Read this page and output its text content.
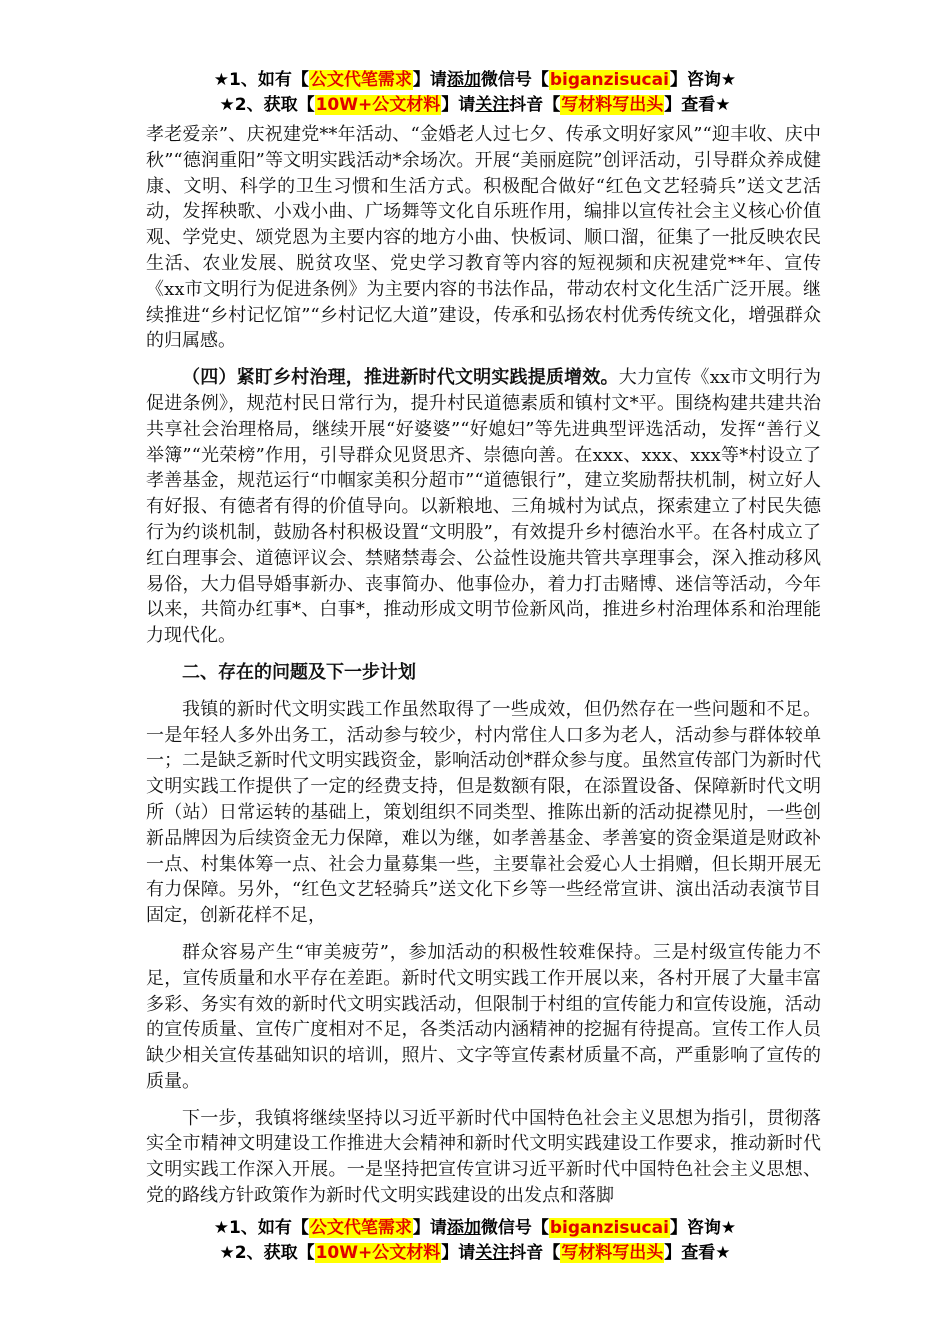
★1、如有【公文代笔需求】请添加微信号【biganzisucai】咨询★
★2、获取【10W+公文材料】请关注抖音【写材料写出头】查看★

孝老爱亲”、庆祝建党**年活动、“金婚老人过七夕、传承文明好家风”“迎丰收、庆中秋”“德润重阳”等文明实践活动*余场次。开展“美丽庭院”创评活动，引导群众养成健康、文明、科学的卫生习惯和生活方式。积极配合做好“红色文艺轻骑兵”送文艺活动，发挥秧歌、小戏小曲、广场舞等文化自乐班作用，编排以宣传社会主义核心价值观、学党史、颂党恩为主要内容的地方小曲、快板词、顺口溜，征集了一批反映农民生活、农业发展、脱贫攻坚、党史学习教育等内容的短视频和庆祝建党**年、宣传《xx市文明行为促进条例》为主要内容的书法作品，带动农村文化生活广泛开展。继续推进“乡村记忆馆”“乡村记忆大道”建设，传承和弘扬农村优秀传统文化，增强群众的归属感。

（四）紧盯乡村治理，推进新时代文明实践提质增效。大力宣传《xx市文明行为促进条例》，规范村民日常行为，提升村民道德素质和镇村文*平。围绕构建共建共治共享社会治理格局，继续开展“好婆婆”“好媳妇”等先进典型评选活动，发挥“善行义举簿”“光荣榜”作用，引导群众见贤思齐、崇德向善。在xxx、xxx、xxx等*村设立了孝善基金，规范运行“巾帼家美积分超市”“道德银行”，建立奖励帮扶机制，树立好人有好报、有德者有得的价值导向。以新粮地、三角城村为试点，探索建立了村民失德行为约谈机制，鼓励各村积极设置“文明股”，有效提升乡村德治水平。在各村成立了红白理事会、道德评议会、禁赌禁毒会、公益性设施共管共享理事会，深入推动移风易俗，大力倡导婚事新办、丧事简办、他事俭办，着力打击赌博、迷信等活动，今年以来，共简办红事*、白事*，推动形成文明节俭新风尚，推进乡村治理体系和治理能力现代化。

二、存在的问题及下一步计划

我镇的新时代文明实践工作虽然取得了一些成效，但仍然存在一些问题和不足。一是年轻人多外出务工，活动参与较少，村内常住人口多为老人，活动参与群体较单一；二是缺乏新时代文明实践资金，影响活动创*群众参与度。虽然宣传部门为新时代文明实践工作提供了一定的经费支持，但是数额有限，在添置设备、保障新时代文明所（站）日常运转的基础上，策划组织不同类型、推陈出新的活动捉襟见肘，一些创新品牌因为后续资金无力保障，难以为继，如孝善基金、孝善宴的资金渠道是财政补一点、村集体筹一点、社会力量募集一些，主要靠社会爱心人士捐赠，但长期开展无有力保障。另外，“红色文艺轻骑兵”送文化下乡等一些经常宣讲、演出活动表演节目固定，创新花样不足，

群众容易产生“审美疲劳”，参加活动的积极性较难保持。三是村级宣传能力不足，宣传质量和水平存在差距。新时代文明实践工作开展以来，各村开展了大量丰富多彩、务实有效的新时代文明实践活动，但限制于村组的宣传能力和宣传设施，活动的宣传质量、宣传广度相对不足，各类活动内涵精神的挖掘有待提高。宣传工作人员缺少相关宣传基础知识的培训，照片、文字等宣传素材质量不高，严重影响了宣传的质量。

下一步，我镇将继续坚持以习近平新时代中国特色社会主义思想为指引，贯彻落实全市精神文明建设工作推进大会精神和新时代文明实践建设工作要求，推动新时代文明实践工作深入开展。一是坚持把宣传宣讲习近平新时代中国特色社会主义思想、党的路线方针政策作为新时代文明实践建设的出发点和落脚

★1、如有【公文代笔需求】请添加微信号【biganzisucai】咨询★
★2、获取【10W+公文材料】请关注抖音【写材料写出头】查看★
